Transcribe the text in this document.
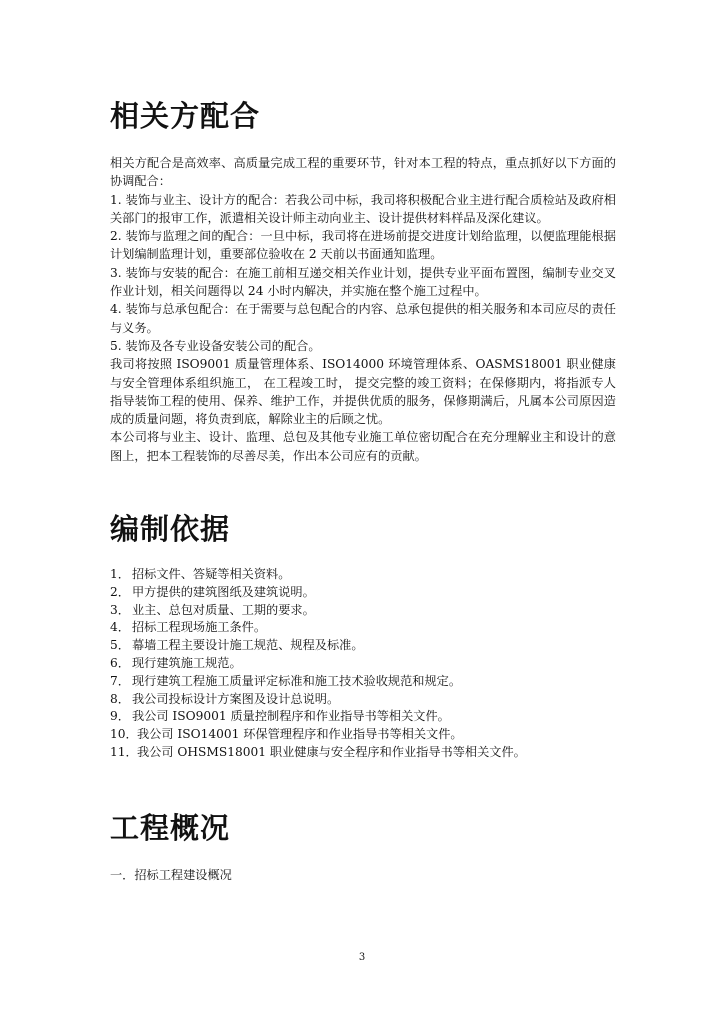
相关方配合

相关方配合是高效率、高质量完成工程的重要环节，针对本工程的特点，重点抓好以下方面的协调配合：

1. 装饰与业主、设计方的配合：若我公司中标，我司将积极配合业主进行配合质检站及政府相关部门的报审工作，派遣相关设计师主动向业主、设计提供材料样品及深化建议。

2. 装饰与监理之间的配合：一旦中标，我司将在进场前提交进度计划给监理，以便监理能根据计划编制监理计划，重要部位验收在 2 天前以书面通知监理。

3. 装饰与安装的配合：在施工前相互递交相关作业计划，提供专业平面布置图，编制专业交叉作业计划，相关问题得以 24 小时内解决，并实施在整个施工过程中。

4. 装饰与总承包配合：在于需要与总包配合的内容、总承包提供的相关服务和本司应尽的责任与义务。

5. 装饰及各专业设备安装公司的配合。

我司将按照 ISO9001 质量管理体系、ISO14000 环境管理体系、OASMS18001 职业健康与安全管理体系组织施工， 在工程竣工时， 提交完整的竣工资料；在保修期内，将指派专人指导装饰工程的使用、保养、维护工作，并提供优质的服务，保修期满后，凡属本公司原因造成的质量问题，将负责到底，解除业主的后顾之忧。

本公司将与业主、设计、监理、总包及其他专业施工单位密切配合在充分理解业主和设计的意图上，把本工程装饰的尽善尽美，作出本公司应有的贡献。

编制依据
1． 招标文件、答疑等相关资料。
2． 甲方提供的建筑图纸及建筑说明。
3． 业主、总包对质量、工期的要求。
4． 招标工程现场施工条件。
5． 幕墙工程主要设计施工规范、规程及标准。
6． 现行建筑施工规范。
7． 现行建筑工程施工质量评定标准和施工技术验收规范和规定。
8． 我公司投标设计方案图及设计总说明。
9． 我公司 ISO9001 质量控制程序和作业指导书等相关文件。
10．我公司 ISO14001 环保管理程序和作业指导书等相关文件。
11．我公司 OHSMS18001 职业健康与安全程序和作业指导书等相关文件。
工程概况
一．招标工程建设概况
3
